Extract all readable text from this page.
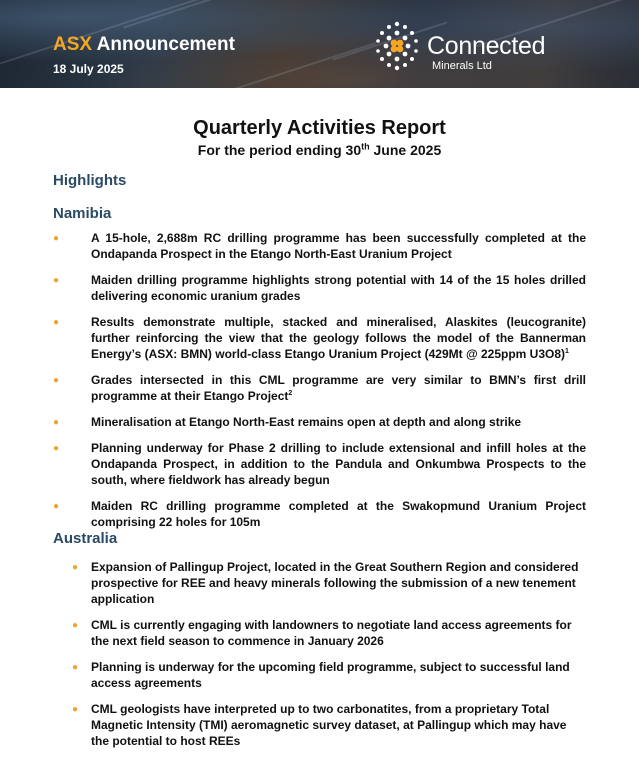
ASX Announcement
18 July 2025
Connected
Minerals Ltd
Quarterly Activities Report
For the period ending 30th June 2025
Highlights
Namibia
●	A 15-hole, 2,688m RC drilling programme has been successfully completed at the Ondapanda Prospect in the Etango North-East Uranium Project
●	Maiden drilling programme highlights strong potential with 14 of the 15 holes drilled delivering economic uranium grades
●	Results demonstrate multiple, stacked and mineralised, Alaskites (leucogranite) further reinforcing the view that the geology follows the model of the Bannerman Energy’s (ASX: BMN) world-class Etango Uranium Project (429Mt @ 225ppm U3O8)$^1$
●	Grades intersected in this CML programme are very similar to BMN’s first drill programme at their Etango Project$^2$
●	Mineralisation at Etango North-East remains open at depth and along strike
●	Planning underway for Phase 2 drilling to include extensional and infill holes at the Ondapanda Prospect, in addition to the Pandula and Onkumbwa Prospects to the south, where fieldwork has already begun
●	Maiden RC drilling programme completed at the Swakopmund Uranium Project comprising 22 holes for 105m
Australia
● Expansion of Pallingup Project, located in the Great Southern Region and considered prospective for REE and heavy minerals following the submission of a new tenement application
● CML is currently engaging with landowners to negotiate land access agreements for the next field season to commence in January 2026
● Planning is underway for the upcoming field programme, subject to successful land access agreements
● CML geologists have interpreted up to two carbonatites, from a proprietary Total Magnetic Intensity (TMI) aeromagnetic survey dataset, at Pallingup which may have the potential to host REEs
